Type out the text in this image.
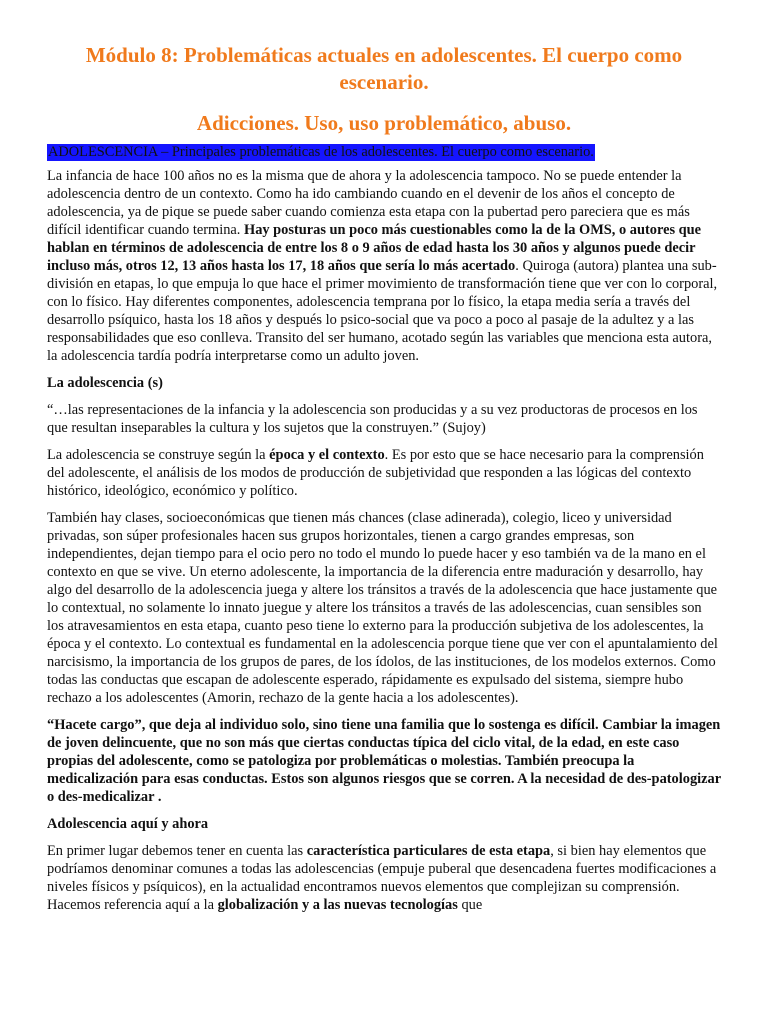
Módulo 8: Problemáticas actuales en adolescentes. El cuerpo como escenario.
Adicciones. Uso, uso problemático, abuso.
ADOLESCENCIA – Principales problemáticas de los adolescentes. El cuerpo como escenario.

La infancia de hace 100 años no es la misma que de ahora y la adolescencia tampoco. No se puede entender la adolescencia dentro de un contexto. Como ha ido cambiando cuando en el devenir de los años el concepto de adolescencia, ya de pique se puede saber cuando comienza esta etapa con la pubertad pero pareciera que es más difícil identificar cuando termina. Hay posturas un poco más cuestionables como la de la OMS, o autores que hablan en términos de adolescencia de entre los 8 o 9 años de edad hasta los 30 años y algunos puede decir incluso más, otros 12, 13 años hasta los 17, 18 años que sería lo más acertado. Quiroga (autora) plantea una sub-división en etapas, lo que empuja lo que hace el primer movimiento de transformación tiene que ver con lo corporal, con lo físico. Hay diferentes componentes, adolescencia temprana por lo físico, la etapa media sería a través del desarrollo psíquico, hasta los 18 años y después lo psico-social que va poco a poco al pasaje de la adultez y a las responsabilidades que eso conlleva. Transito del ser humano, acotado según las variables que menciona esta autora, la adolescencia tardía podría interpretarse como un adulto joven.

La adolescencia (s)

“…las representaciones de la infancia y la adolescencia son producidas y a su vez productoras de procesos en los que resultan inseparables la cultura y los sujetos que la construyen.” (Sujoy)

La adolescencia se construye según la época y el contexto. Es por esto que se hace necesario para la comprensión del adolescente, el análisis de los modos de producción de subjetividad que responden a las lógicas del contexto histórico, ideológico, económico y político.

También hay clases, socioeconómicas que tienen más chances (clase adinerada), colegio, liceo y universidad privadas, son súper profesionales hacen sus grupos horizontales, tienen a cargo grandes empresas, son independientes, dejan tiempo para el ocio pero no todo el mundo lo puede hacer y eso también va de la mano en el contexto en que se vive. Un eterno adolescente, la importancia de la diferencia entre maduración y desarrollo, hay algo del desarrollo de la adolescencia juega y altere los tránsitos a través de la adolescencia que hace justamente que lo contextual, no solamente lo innato juegue y altere los tránsitos a través de las adolescencias, cuan sensibles son los atravesamientos en esta etapa, cuanto peso tiene lo externo para la producción subjetiva de los adolescentes, la época y el contexto. Lo contextual es fundamental en la adolescencia porque tiene que ver con el apuntalamiento del narcisismo, la importancia de los grupos de pares, de los ídolos, de las instituciones, de los modelos externos. Como todas las conductas que escapan de adolescente esperado, rápidamente es expulsado del sistema, siempre hubo rechazo a los adolescentes (Amorin, rechazo de la gente hacia a los adolescentes).

“Hacete cargo”, que deja al individuo solo, sino tiene una familia que lo sostenga es difícil. Cambiar la imagen de joven delincuente, que no son más que ciertas conductas típica del ciclo vital, de la edad, en este caso propias del adolescente, como se patologiza por problemáticas o molestias. También preocupa la medicalización para esas conductas. Estos son algunos riesgos que se corren. A la necesidad de des-patologizar o des-medicalizar .

Adolescencia aquí y ahora

En primer lugar debemos tener en cuenta las característica particulares de esta etapa, si bien hay elementos que podríamos denominar comunes a todas las adolescencias (empuje puberal que desencadena fuertes modificaciones a niveles físicos y psíquicos), en la actualidad encontramos nuevos elementos que complejizan su comprensión. Hacemos referencia aquí a la globalización y a las nuevas tecnologías que
